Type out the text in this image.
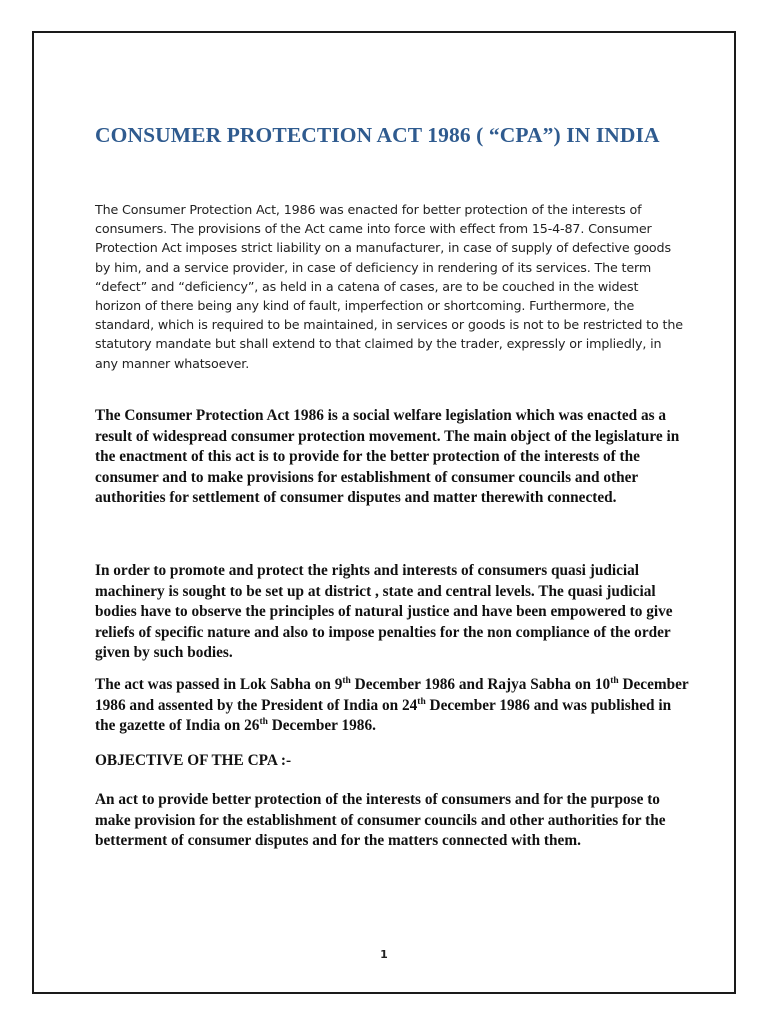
CONSUMER PROTECTION ACT 1986 ( “CPA”) IN INDIA

The Consumer Protection Act, 1986 was enacted for better protection of the interests of consumers. The provisions of the Act came into force with effect from 15-4-87. Consumer Protection Act imposes strict liability on a manufacturer, in case of supply of defective goods by him, and a service provider, in case of deficiency in rendering of its services. The term “defect” and “deficiency”, as held in a catena of cases, are to be couched in the widest horizon of there being any kind of fault, imperfection or shortcoming. Furthermore, the standard, which is required to be maintained, in services or goods is not to be restricted to the statutory mandate but shall extend to that claimed by the trader, expressly or impliedly, in any manner whatsoever.

The Consumer Protection Act 1986 is a social welfare legislation which was enacted as a result of widespread consumer protection movement. The main object of the legislature in the enactment of this act is to provide for the better protection of the interests of the consumer and to make provisions for establishment of consumer councils and other authorities for settlement of consumer disputes and matter therewith connected.

In order to promote and protect the rights and interests of consumers quasi judicial machinery is sought to be set up at district , state and central levels. The quasi judicial bodies have to observe the principles of natural justice and have been empowered to give reliefs of specific nature and also to impose penalties for the non compliance of the order given by such bodies.

The act was passed in Lok Sabha on 9th December 1986 and Rajya Sabha on 10th December 1986 and assented by the President of India on 24th December 1986 and was published in the gazette of India on 26th December 1986.

OBJECTIVE OF THE CPA :-

An act to provide better protection of the interests of consumers and for the purpose to make provision for the establishment of consumer councils and other authorities for the betterment of consumer disputes and for the matters connected with them.

1
